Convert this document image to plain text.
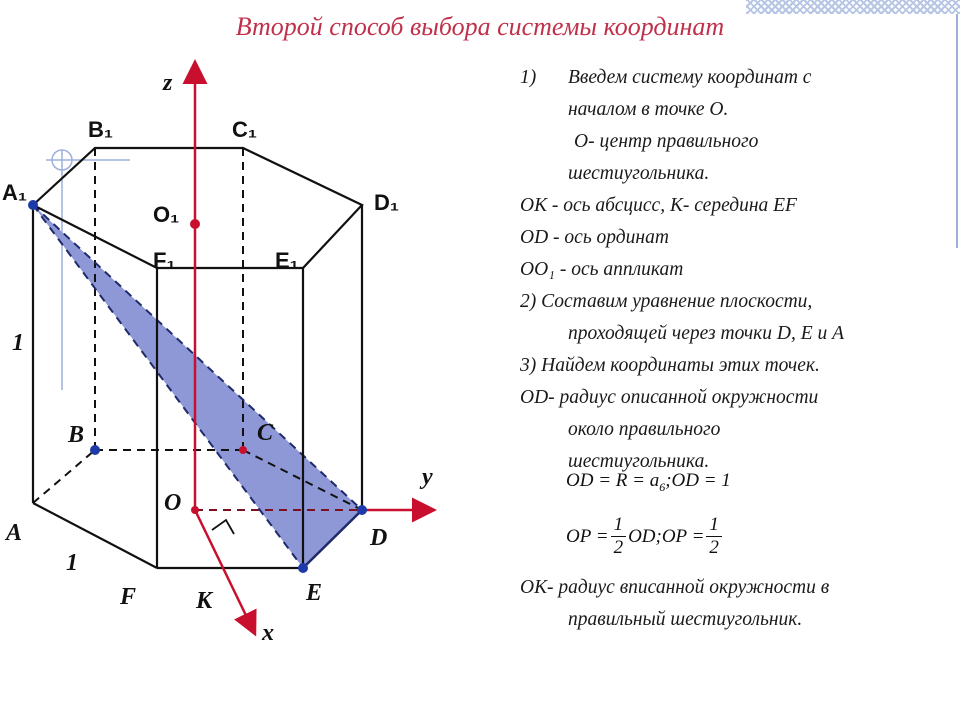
Второй способ выбора системы координат
A₁
B₁	C₁
D₁
E₁
F₁
O₁
B	C
A
O
D
E
F К
z
y
x
1
1
1) Введем систему координат с
началом в точке О.
О- центр правильного
шестиугольника.
ОК - ось абсцисс, К- середина ЕF
OD - ось ординат
OO₁ - ось аппликат
2) Составим уравнение плоскости,
проходящей через точки D, E и A
3) Найдем координаты этих точек.
OD- радиус описанной окружности
около правильного
шестиугольника.
OD = $R = a_6;OD = 1$
OP = $\frac{1}{2}$ OD;OP = $\frac{1}{2}$
ОК- радиус вписанной окружности в
правильный шестиугольник.
